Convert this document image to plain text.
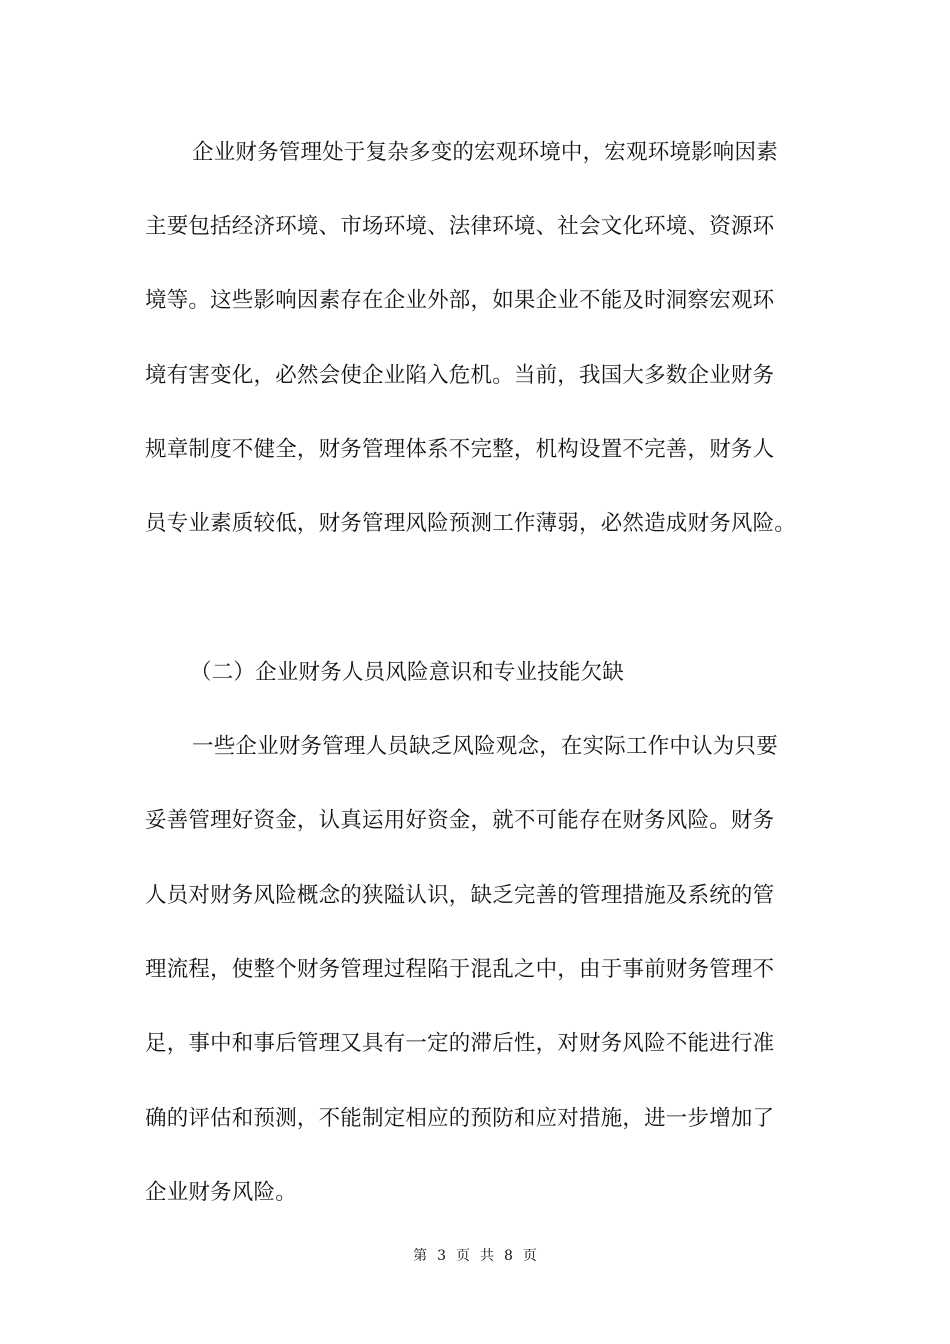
企业财务管理处于复杂多变的宏观环境中，宏观环境影响因素
主要包括经济环境、市场环境、法律环境、社会文化环境、资源环
境等。这些影响因素存在企业外部，如果企业不能及时洞察宏观环
境有害变化，必然会使企业陷入危机。当前，我国大多数企业财务
规章制度不健全，财务管理体系不完整，机构设置不完善，财务人
员专业素质较低，财务管理风险预测工作薄弱，必然造成财务风险。
（二）企业财务人员风险意识和专业技能欠缺
一些企业财务管理人员缺乏风险观念，在实际工作中认为只要
妥善管理好资金，认真运用好资金，就不可能存在财务风险。财务
人员对财务风险概念的狭隘认识，缺乏完善的管理措施及系统的管
理流程，使整个财务管理过程陷于混乱之中，由于事前财务管理不
足，事中和事后管理又具有一定的滞后性，对财务风险不能进行准
确的评估和预测，不能制定相应的预防和应对措施，进一步增加了
企业财务风险。
第 3 页 共 8 页
